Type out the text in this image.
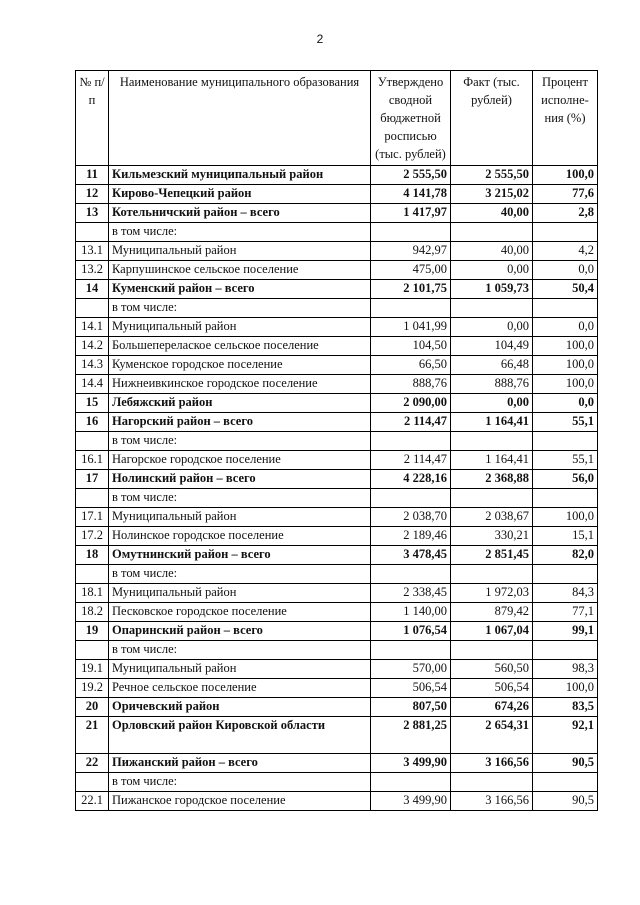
2
№ п/п	Наименование муниципального образования	Утверждено сводной бюджетной росписью (тыс. рублей)	Факт (тыс. рублей)	Процент исполне-ния (%)
11	Кильмезский муниципальный район	2 555,50	2 555,50	100,0
12	Кирово-Чепецкий район	4 141,78	3 215,02	77,6
13	Котельничский район – всего	1 417,97	40,00	2,8
	в том числе:			
13.1	Муниципальный район	942,97	40,00	4,2
13.2	Карпушинское сельское поселение	475,00	0,00	0,0
14	Куменский район – всего	2 101,75	1 059,73	50,4
	в том числе:			
14.1	Муниципальный район	1 041,99	0,00	0,0
14.2	Большеперелаское сельское поселение	104,50	104,49	100,0
14.3	Куменское городское поселение	66,50	66,48	100,0
14.4	Нижнеивкинское городское поселение	888,76	888,76	100,0
15	Лебяжский район	2 090,00	0,00	0,0
16	Нагорский район – всего	2 114,47	1 164,41	55,1
	в том числе:			
16.1	Нагорское городское поселение	2 114,47	1 164,41	55,1
17	Нолинский район – всего	4 228,16	2 368,88	56,0
	в том числе:			
17.1	Муниципальный район	2 038,70	2 038,67	100,0
17.2	Нолинское городское поселение	2 189,46	330,21	15,1
18	Омутнинский район – всего	3 478,45	2 851,45	82,0
	в том числе:			
18.1	Муниципальный район	2 338,45	1 972,03	84,3
18.2	Песковское городское поселение	1 140,00	879,42	77,1
19	Опаринский район – всего	1 076,54	1 067,04	99,1
	в том числе:			
19.1	Муниципальный район	570,00	560,50	98,3
19.2	Речное сельское поселение	506,54	506,54	100,0
20	Оричевский район	807,50	674,26	83,5
21	Орловский район Кировской области	2 881,25	2 654,31	92,1
22	Пижанский район – всего	3 499,90	3 166,56	90,5
	в том числе:			
22.1	Пижанское городское поселение	3 499,90	3 166,56	90,5
